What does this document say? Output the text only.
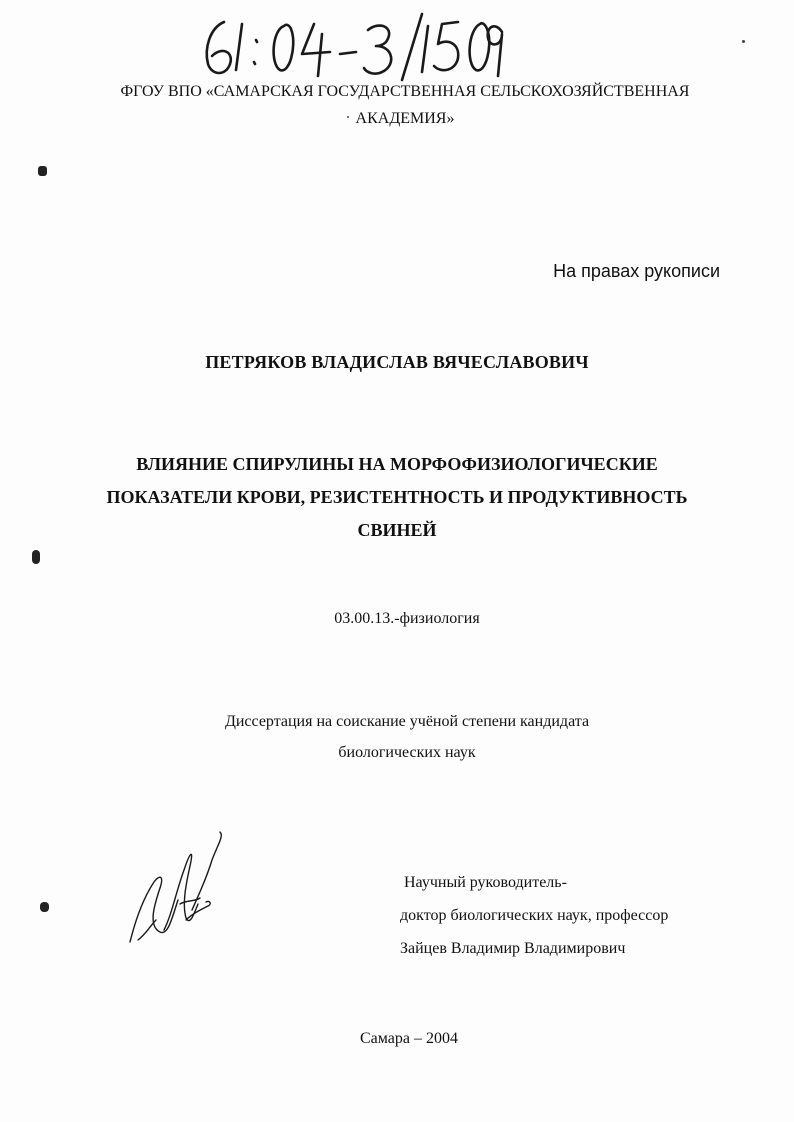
ФГОУ ВПО «САМАРСКАЯ ГОСУДАРСТВЕННАЯ СЕЛЬСКОХОЗЯЙСТВЕННАЯ
АКАДЕМИЯ»
На правах рукописи
ПЕТРЯКОВ ВЛАДИСЛАВ ВЯЧЕСЛАВОВИЧ
ВЛИЯНИЕ СПИРУЛИНЫ НА МОРФОФИЗИОЛОГИЧЕСКИЕ
ПОКАЗАТЕЛИ КРОВИ, РЕЗИСТЕНТНОСТЬ И ПРОДУКТИВНОСТЬ
СВИНЕЙ
03.00.13.-физиология
Диссертация на соискание учёной степени кандидата
биологических наук
Научный руководитель-
доктор биологических наук, профессор
Зайцев Владимир Владимирович
Самара – 2004
